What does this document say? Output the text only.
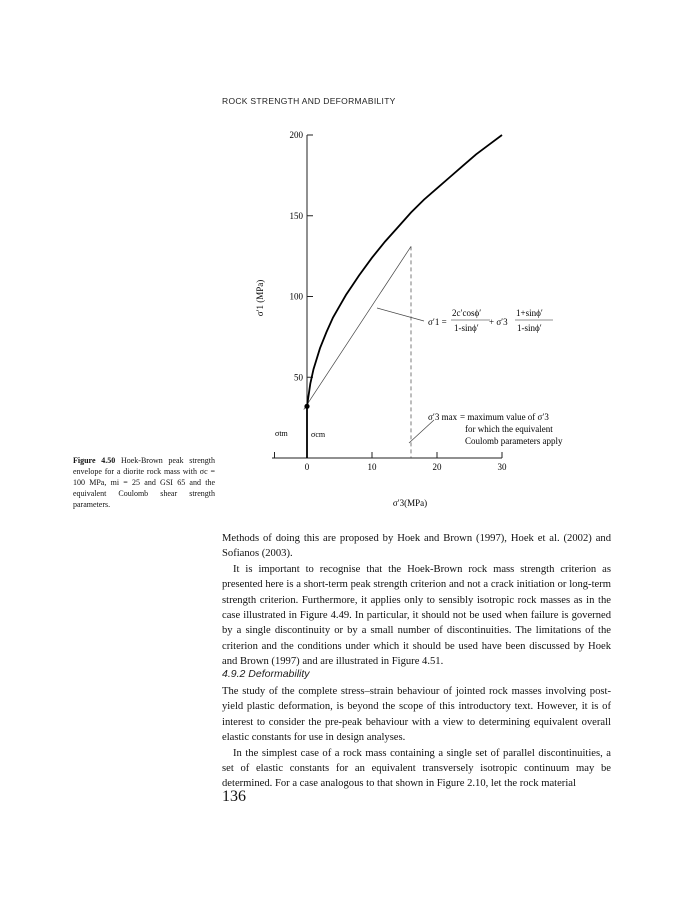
ROCK STRENGTH AND DEFORMABILITY
50
100
150
200
0	10	20	30
σ′1 (MPa)
σ′3(MPa)
σtm	σcm
σ′1 =
2c′cosϕ′
1-sinϕ′
+ σ′3
1+sinϕ′
1-sinϕ′
σ′3 max = maximum value of σ′3
for which the equivalent
Coulomb parameters apply
Figure 4.50 Hoek-Brown peak strength envelope for a diorite rock mass with σc = 100 MPa, mi = 25 and GSI 65 and the equivalent Coulomb shear strength parameters.

Methods of doing this are proposed by Hoek and Brown (1997), Hoek et al. (2002) and Sofianos (2003).

It is important to recognise that the Hoek-Brown rock mass strength criterion as presented here is a short-term peak strength criterion and not a crack initiation or long-term strength criterion. Furthermore, it applies only to sensibly isotropic rock masses as in the case illustrated in Figure 4.49. In particular, it should not be used when failure is governed by a single discontinuity or by a small number of discontinuities. The limitations of the criterion and the conditions under which it should be used have been discussed by Hoek and Brown (1997) and are illustrated in Figure 4.51.

4.9.2 Deformability

The study of the complete stress–strain behaviour of jointed rock masses involving post-yield plastic deformation, is beyond the scope of this introductory text. However, it is of interest to consider the pre-peak behaviour with a view to determining equivalent overall elastic constants for use in design analyses.

In the simplest case of a rock mass containing a single set of parallel discontinuities, a set of elastic constants for an equivalent transversely isotropic continuum may be determined. For a case analogous to that shown in Figure 2.10, let the rock material

136
